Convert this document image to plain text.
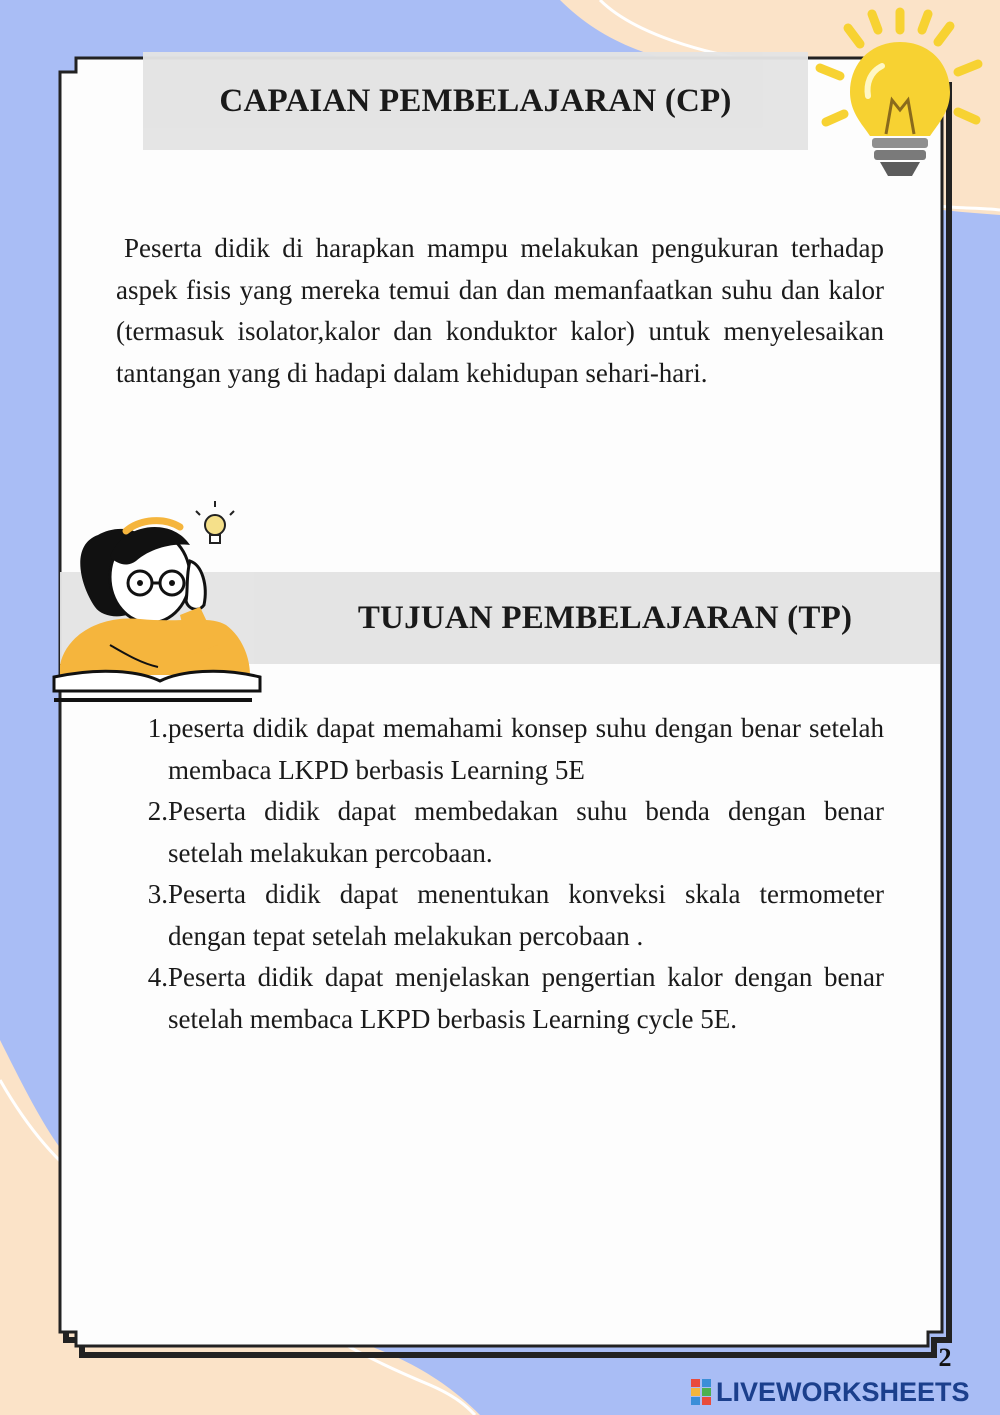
CAPAIAN PEMBELAJARAN (CP)

Peserta didik di harapkan mampu melakukan pengukuran terhadap aspek fisis yang mereka temui dan dan memanfaatkan suhu dan kalor (termasuk isolator,kalor dan konduktor kalor) untuk menyelesaikan tantangan yang di hadapi dalam kehidupan sehari-hari.

TUJUAN PEMBELAJARAN (TP)
1. peserta didik dapat memahami konsep suhu dengan benar setelah membaca LKPD berbasis Learning 5E
2. Peserta didik dapat membedakan suhu benda dengan benar setelah melakukan percobaan.
3. Peserta didik dapat menentukan konveksi skala termometer dengan tepat setelah melakukan percobaan .
4. Peserta didik dapat menjelaskan pengertian kalor dengan benar setelah membaca LKPD berbasis Learning cycle 5E.
2
LIVEWORKSHEETS
